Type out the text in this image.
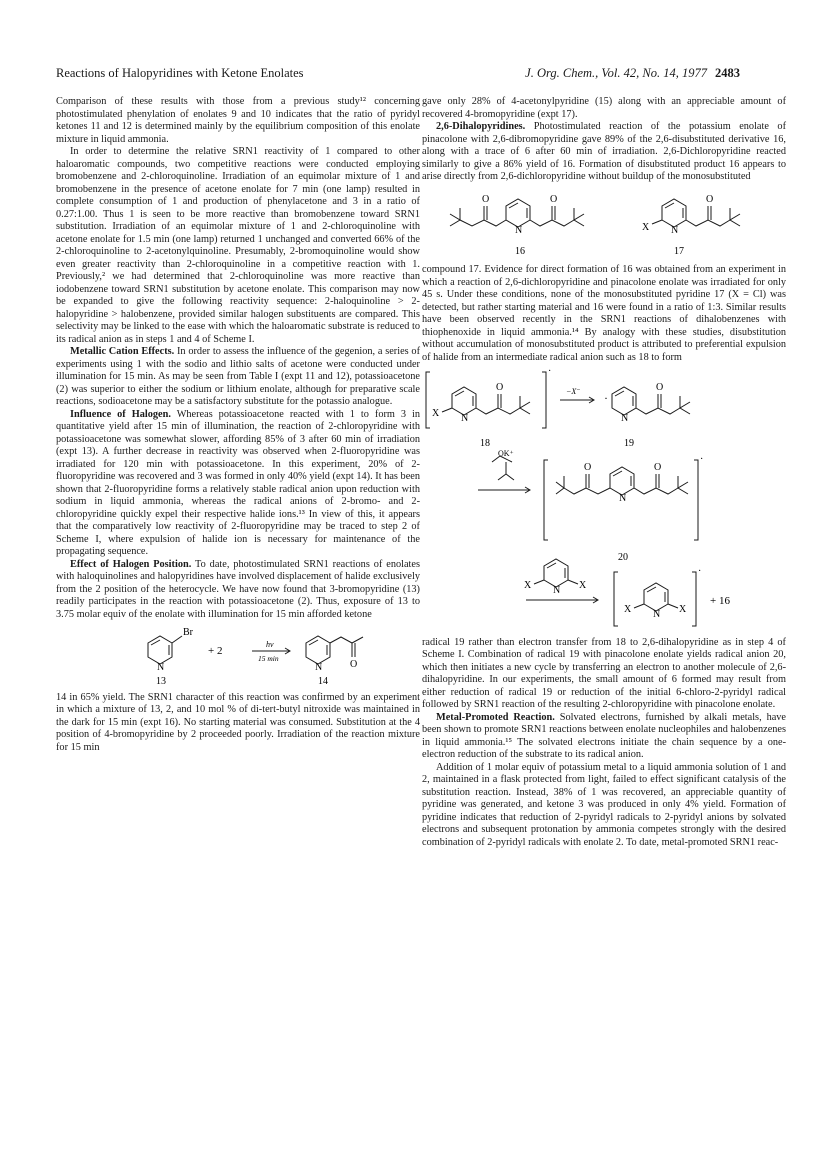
Reactions of Halopyridines with Ketone Enolates	J. Org. Chem., Vol. 42, No. 14, 1977 2483

Comparison of these results with those from a previous study¹² concerning photostimulated phenylation of enolates 9 and 10 indicates that the ratio of pyridyl ketones 11 and 12 is determined mainly by the equilibrium composition of this enolate mixture in liquid ammonia.

In order to determine the relative SRN1 reactivity of 1 compared to other haloaromatic compounds, two competitive reactions were conducted employing bromobenzene and 2-chloroquinoline. Irradiation of an equimolar mixture of 1 and bromobenzene in the presence of acetone enolate for 7 min (one lamp) resulted in complete consumption of 1 and production of phenylacetone and 3 in a ratio of 0.27:1.00. Thus 1 is seen to be more reactive than bromobenzene toward SRN1 substitution. Irradiation of an equimolar mixture of 1 and 2-chloroquinoline with acetone enolate for 1.5 min (one lamp) returned 1 unchanged and converted 66% of the 2-chloroquinoline to 2-acetonylquinoline. Presumably, 2-bromoquinoline would show even greater reactivity than 2-chloroquinoline in a competitive reaction with 1. Previously,² we had determined that 2-chloroquinoline was more reactive than iodobenzene toward SRN1 substitution by acetone enolate. This comparison may now be expanded to give the following reactivity sequence: 2-haloquinoline > 2-halopyridine > halobenzene, provided similar halogen substituents are compared. This selectivity may be linked to the ease with which the haloaromatic substrate is reduced to its radical anion as in steps 1 and 4 of Scheme I.

Metallic Cation Effects. In order to assess the influence of the gegenion, a series of experiments using 1 with the sodio and lithio salts of acetone were conducted under illumination for 15 min. As may be seen from Table I (expt 11 and 12), potassioacetone (2) was superior to either the sodium or lithium enolate, although for preparative scale reactions, sodioacetone may be a satisfactory substitute for the potassio analogue.

Influence of Halogen. Whereas potassioacetone reacted with 1 to form 3 in quantitative yield after 15 min of illumination, the reaction of 2-chloropyridine with potassioacetone was somewhat slower, affording 85% of 3 after 60 min of irradiation (expt 13). A further decrease in reactivity was observed when 2-fluoropyridine was irradiated for 120 min with potassioacetone. In this experiment, 20% of 2-fluoropyridine was recovered and 3 was formed in only 40% yield (expt 14). It has been shown that 2-fluoropyridine forms a relatively stable radical anion upon reduction with sodium in liquid ammonia, whereas the radical anions of 2-bromo- and 2-chloropyridine quickly expel their respective halide ions.¹³ In view of this, it appears that the comparatively low reactivity of 2-fluoropyridine may be traced to step 2 of Scheme I, where expulsion of halide ion is necessary for maintenance of the propagating sequence.

Effect of Halogen Position. To date, photostimulated SRN1 reactions of enolates with haloquinolines and halopyridines have involved displacement of halide exclusively from the 2 position of the heterocycle. We have now found that 3-bromopyridine (13) readily participates in the reaction with potassioacetone (2). Thus, exposure of 13 to 3.75 molar equiv of the enolate with illumination for 15 min afforded ketone

Br
N
+ 2
hν
15 min
N	O
13	14

14 in 65% yield. The SRN1 character of this reaction was confirmed by an experiment in which a mixture of 13, 2, and 10 mol % of di-tert-butyl nitroxide was maintained in the dark for 15 min (expt 16). No starting material was consumed. Substitution at the 4 position of 4-bromopyridine by 2 proceeded poorly. Irradiation of the reaction mixture for 15 min

gave only 28% of 4-acetonylpyridine (15) along with an appreciable amount of recovered 4-bromopyridine (expt 17).

2,6-Dihalopyridines. Photostimulated reaction of the potassium enolate of pinacolone with 2,6-dibromopyridine gave 89% of the 2,6-disubstituted derivative 16, along with a trace of 6 after 60 min of irradiation. 2,6-Dichloropyridine reacted similarly to give a 86% yield of 16. Formation of disubstituted product 16 appears to arise directly from 2,6-dichloropyridine without buildup of the monosubstituted

O	O
N	X N
O
16	17

compound 17. Evidence for direct formation of 16 was obtained from an experiment in which a reaction of 2,6-dichloropyridine and pinacolone enolate was irradiated for only 45 s. Under these conditions, none of the monosubstituted pyridine 17 (X = Cl) was detected, but rather starting material and 16 were found in a ratio of 1:3. Similar results have been observed recently in the SRN1 reactions of dihalobenzenes with thiophenoxide in liquid ammonia.¹⁴ By analogy with these studies, disubstitution without accumulation of monosubstituted product is attributed to preferential expulsion of halide from an intermediate radical anion such as 18 to form

O
X N
·
−X⁻
N
·
O
18	19
OK⁺
O	O
N
·
20
X N X
X N X
·
+ 16

radical 19 rather than electron transfer from 18 to 2,6-dihalopyridine as in step 4 of Scheme I. Combination of radical 19 with pinacolone enolate yields radical anion 20, which then initiates a new cycle by transferring an electron to another molecule of 2,6-dihalopyridine. In our experiments, the small amount of 6 formed may result from either reduction of radical 19 or reduction of the initial 6-chloro-2-pyridyl radical followed by SRN1 reaction of the resulting 2-chloropyridine with pinacolone enolate.

Metal-Promoted Reaction. Solvated electrons, furnished by alkali metals, have been shown to promote SRN1 reactions between enolate nucleophiles and halobenzenes in liquid ammonia.¹⁵ The solvated electrons initiate the chain sequence by a one-electron reduction of the substrate to its radical anion.

Addition of 1 molar equiv of potassium metal to a liquid ammonia solution of 1 and 2, maintained in a flask protected from light, failed to effect significant catalysis of the substitution reaction. Instead, 38% of 1 was recovered, an appreciable quantity of pyridine was generated, and ketone 3 was produced in only 4% yield. Formation of pyridine indicates that reduction of 2-pyridyl radicals to 2-pyridyl anions by solvated electrons and subsequent protonation by ammonia competes strongly with the desired combination of 2-pyridyl radicals with enolate 2. To date, metal-promoted SRN1 reac-
